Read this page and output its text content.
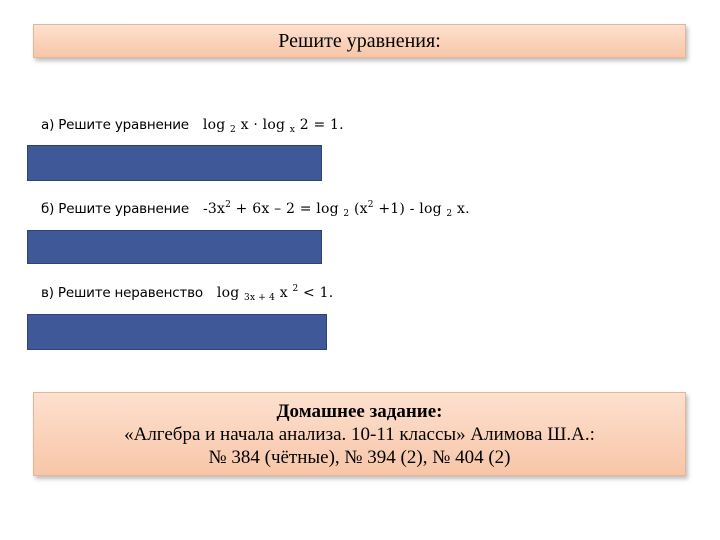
Решите уравнения:
а) Решите уравнение log $_2$ x · log $_x$ 2 = 1.
б) Решите уравнение $-3x^2 + 6x - 2 = \log _2$ $(x^2 +1) - \log _2$ x.
в) Решите неравенство log $_{3x + 4}$ x $^2$ < 1.
Домашнее задание:
«Алгебра и начала анализа. 10-11 классы» Алимова Ш.А.:
№ 384 (чётные), № 394 (2), № 404 (2)
